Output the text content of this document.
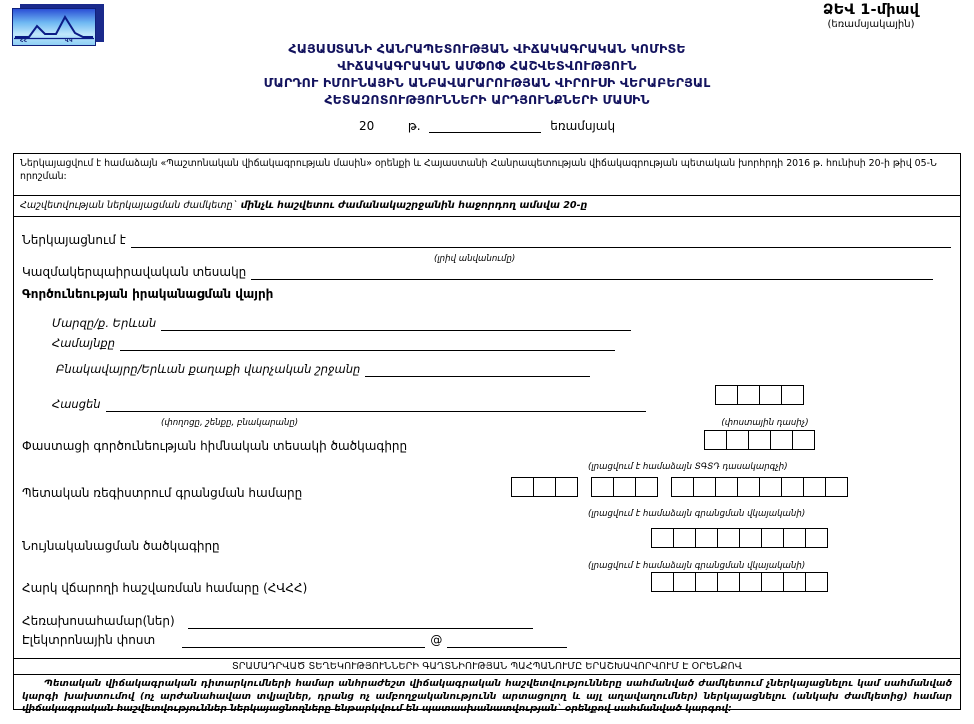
ՀՀ	ՎԿ
ՁԵՎ 1-միավ
(եռամսյակային)
ՀԱՅԱՍՏԱՆԻ ՀԱՆՐԱՊԵՏՈՒԹՅԱՆ ՎԻՃԱԿԱԳՐԱԿԱՆ ԿՈՄԻՏԵ
ՎԻՃԱԿԱԳՐԱԿԱՆ ԱՄՓՈՓ ՀԱՇՎԵՏՎՈՒԹՅՈՒՆ
ՄԱՐԴՈՒ ԻՄՈՒՆԱՅԻՆ ԱՆԲԱՎԱՐԱՐՈՒԹՅԱՆ ՎԻՐՈՒՍԻ ՎԵՐԱԲԵՐՅԱԼ
ՀԵՏԱԶՈՏՈՒԹՅՈՒՆՆԵՐԻ ԱՐԴՅՈՒՆՔՆԵՐԻ ՄԱՍԻՆ
20	թ.	եռամսյակ
Ներկայացվում է համաձայն «Պաշտոնական վիճակագրության մասին» օրենքի և Հայաստանի Հանրապետության վիճակագրության պետական խորհրդի 2016 թ. հունիսի 20-ի թիվ 05-Ն որոշման:
Հաշվետվության ներկայացման ժամկետը` մինչև հաշվետու ժամանակաշրջանին հաջորդող ամսվա 20-ը
Ներկայացնում է
(լրիվ անվանումը)
Կազմակերպաիրավական տեսակը
Գործունեության իրականացման վայրի
Մարզը/ք. Երևան
Համայնքը
Բնակավայրը/Երևան քաղաքի վարչական շրջանը
Հասցեն
(փողոցը, շենքը, բնակարանը)	(փոստային դասիչ)
Փաստացի գործունեության հիմնական տեսակի ծածկագիրը
(լրացվում է համաձայն ՏԳՏԴ դասակարգչի)
Պետական ռեգիստրում գրանցման համարը
(լրացվում է համաձայն գրանցման վկայականի)
Նույնականացման ծածկագիրը
(լրացվում է համաձայն գրանցման վկայականի)
Հարկ վճարողի հաշվառման համարը (ՀՎՀՀ)
Հեռախոսահամար(ներ)
Էլեկտրոնային փոստ	@
ՏՐԱՄԱԴՐՎԱԾ ՏԵՂԵԿՈՒԹՅՈՒՆՆԵՐԻ ԳԱՂՏՆԻՈՒԹՅԱՆ ՊԱՀՊԱՆՈՒՄԸ ԵՐԱՇԽԱՎՈՐՎՈՒՄ Է ՕՐԵՆՔՈՎ
Պետական վիճակագրական դիտարկումների համար անհրաժեշտ վիճակագրական հաշվետվությունները սահմանված ժամկետում չներկայացնելու կամ սահմանված կարգի խախտումով (ոչ արժանահավատ տվյալներ, դրանց ոչ ամբողջականությունն արտացոլող և այլ աղավաղումներ) ներկայացնելու (անկախ ժամկետից) համար վիճակագրական հաշվետվություններ ներկայացնողները ենթարկվում են պատասխանատվության` օրենքով սահմանված կարգով:
